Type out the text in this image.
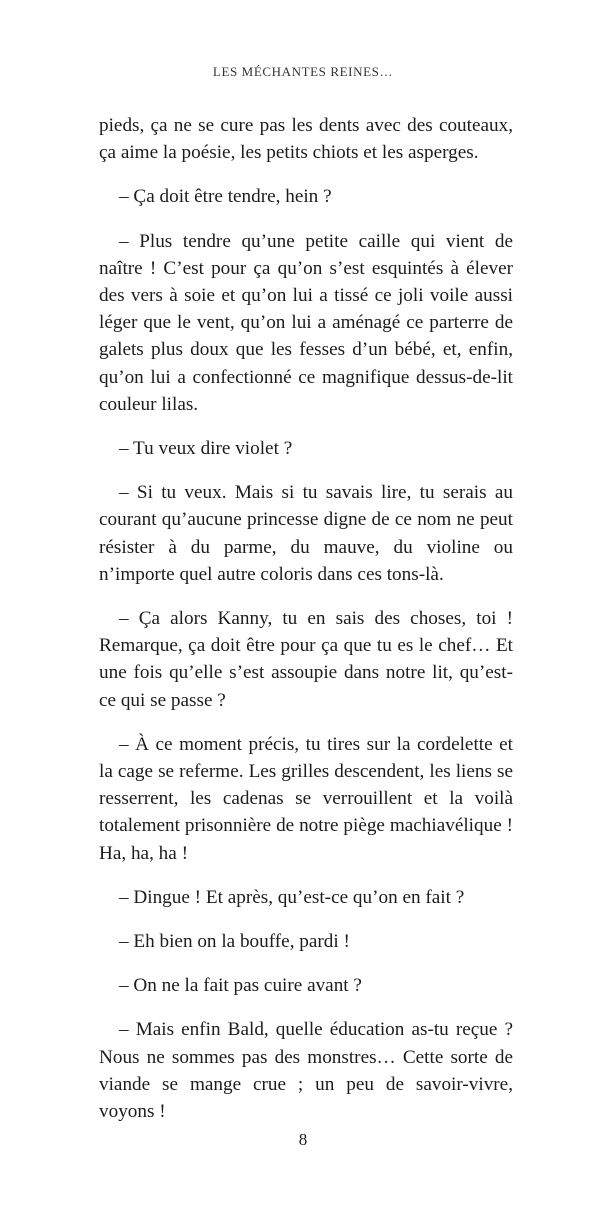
LES MÉCHANTES REINES…

pieds, ça ne se cure pas les dents avec des couteaux, ça aime la poésie, les petits chiots et les asperges.

– Ça doit être tendre, hein ?

– Plus tendre qu’une petite caille qui vient de naître ! C’est pour ça qu’on s’est esquintés à élever des vers à soie et qu’on lui a tissé ce joli voile aussi léger que le vent, qu’on lui a aménagé ce parterre de galets plus doux que les fesses d’un bébé, et, enfin, qu’on lui a confectionné ce magnifique dessus-de-lit couleur lilas.

– Tu veux dire violet ?

– Si tu veux. Mais si tu savais lire, tu serais au courant qu’aucune princesse digne de ce nom ne peut résister à du parme, du mauve, du violine ou n’importe quel autre coloris dans ces tons-là.

– Ça alors Kanny, tu en sais des choses, toi ! Remarque, ça doit être pour ça que tu es le chef… Et une fois qu’elle s’est assoupie dans notre lit, qu’est-ce qui se passe ?

– À ce moment précis, tu tires sur la cordelette et la cage se referme. Les grilles descendent, les liens se resserrent, les cadenas se verrouillent et la voilà totalement prisonnière de notre piège machiavélique ! Ha, ha, ha !

– Dingue ! Et après, qu’est-ce qu’on en fait ?

– Eh bien on la bouffe, pardi !

– On ne la fait pas cuire avant ?

– Mais enfin Bald, quelle éducation as-tu reçue ? Nous ne sommes pas des monstres… Cette sorte de viande se mange crue ; un peu de savoir-vivre, voyons !

8
